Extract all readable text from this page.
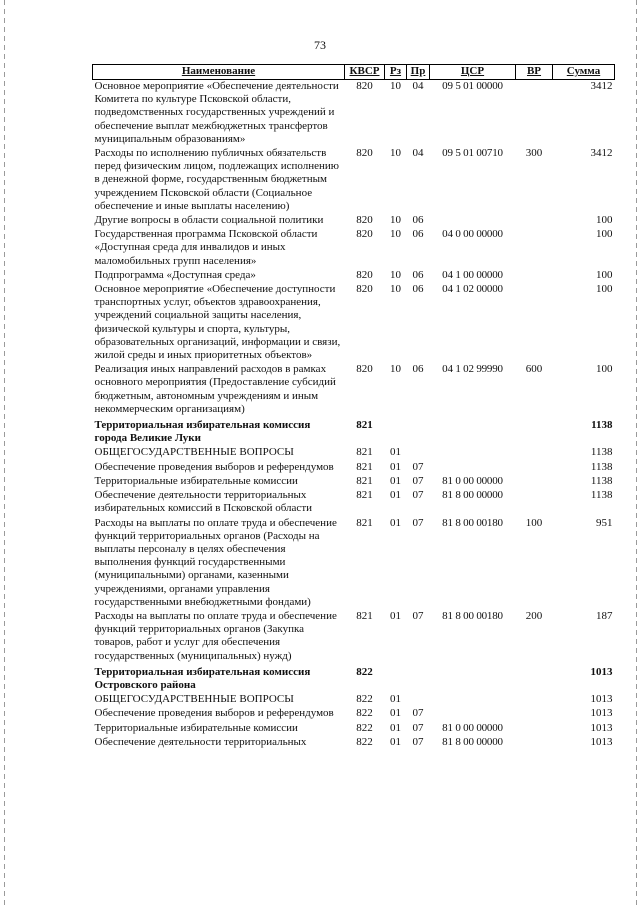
73
Наименование	КВСР	Рз	Пр	ЦСР	ВР	Сумма
Основное мероприятие «Обеспечение деятельности Комитета по культуре Псковской области, подведомственных государственных учреждений и обеспечение выплат межбюджетных трансфертов муниципальным образованиям»	820	10	04	09 5 01 00000		3412
Расходы по исполнению публичных обязательств перед физическим лицом, подлежащих исполнению в денежной форме, государственным бюджетным учреждением Псковской области (Социальное обеспечение и иные выплаты населению)	820	10	04	09 5 01 00710	300	3412
Другие вопросы в области социальной политики	820	10	06			100
Государственная программа Псковской области «Доступная среда для инвалидов и иных маломобильных групп населения»	820	10	06	04 0 00 00000		100
Подпрограмма «Доступная среда»	820	10	06	04 1 00 00000		100
Основное мероприятие «Обеспечение доступности транспортных услуг, объектов здравоохранения, учреждений социальной защиты населения, физической культуры и спорта, культуры, образовательных организаций, информации и связи, жилой среды и иных приоритетных объектов»	820	10	06	04 1 02 00000		100
Реализация иных направлений расходов в рамках основного мероприятия (Предоставление субсидий бюджетным, автономным учреждениям и иным некоммерческим организациям)	820	10	06	04 1 02 99990	600	100
Территориальная избирательная комиссия города Великие Луки	821					1138
ОБЩЕГОСУДАРСТВЕННЫЕ ВОПРОСЫ	821	01				1138
Обеспечение проведения выборов и референдумов	821	01	07			1138
Территориальные избирательные комиссии	821	01	07	81 0 00 00000		1138
Обеспечение деятельности территориальных избирательных комиссий в Псковской области	821	01	07	81 8 00 00000		1138
Расходы на выплаты по оплате труда и обеспечение функций территориальных органов (Расходы на выплаты персоналу в целях обеспечения выполнения функций государственными (муниципальными) органами, казенными учреждениями, органами управления государственными внебюджетными фондами)	821	01	07	81 8 00 00180	100	951
Расходы на выплаты по оплате труда и обеспечение функций территориальных органов (Закупка товаров, работ и услуг для обеспечения государственных (муниципальных) нужд)	821	01	07	81 8 00 00180	200	187
Территориальная избирательная комиссия Островского района	822					1013
ОБЩЕГОСУДАРСТВЕННЫЕ ВОПРОСЫ	822	01				1013
Обеспечение проведения выборов и референдумов	822	01	07			1013
Территориальные избирательные комиссии	822	01	07	81 0 00 00000		1013
Обеспечение деятельности территориальных	822	01	07	81 8 00 00000		1013
